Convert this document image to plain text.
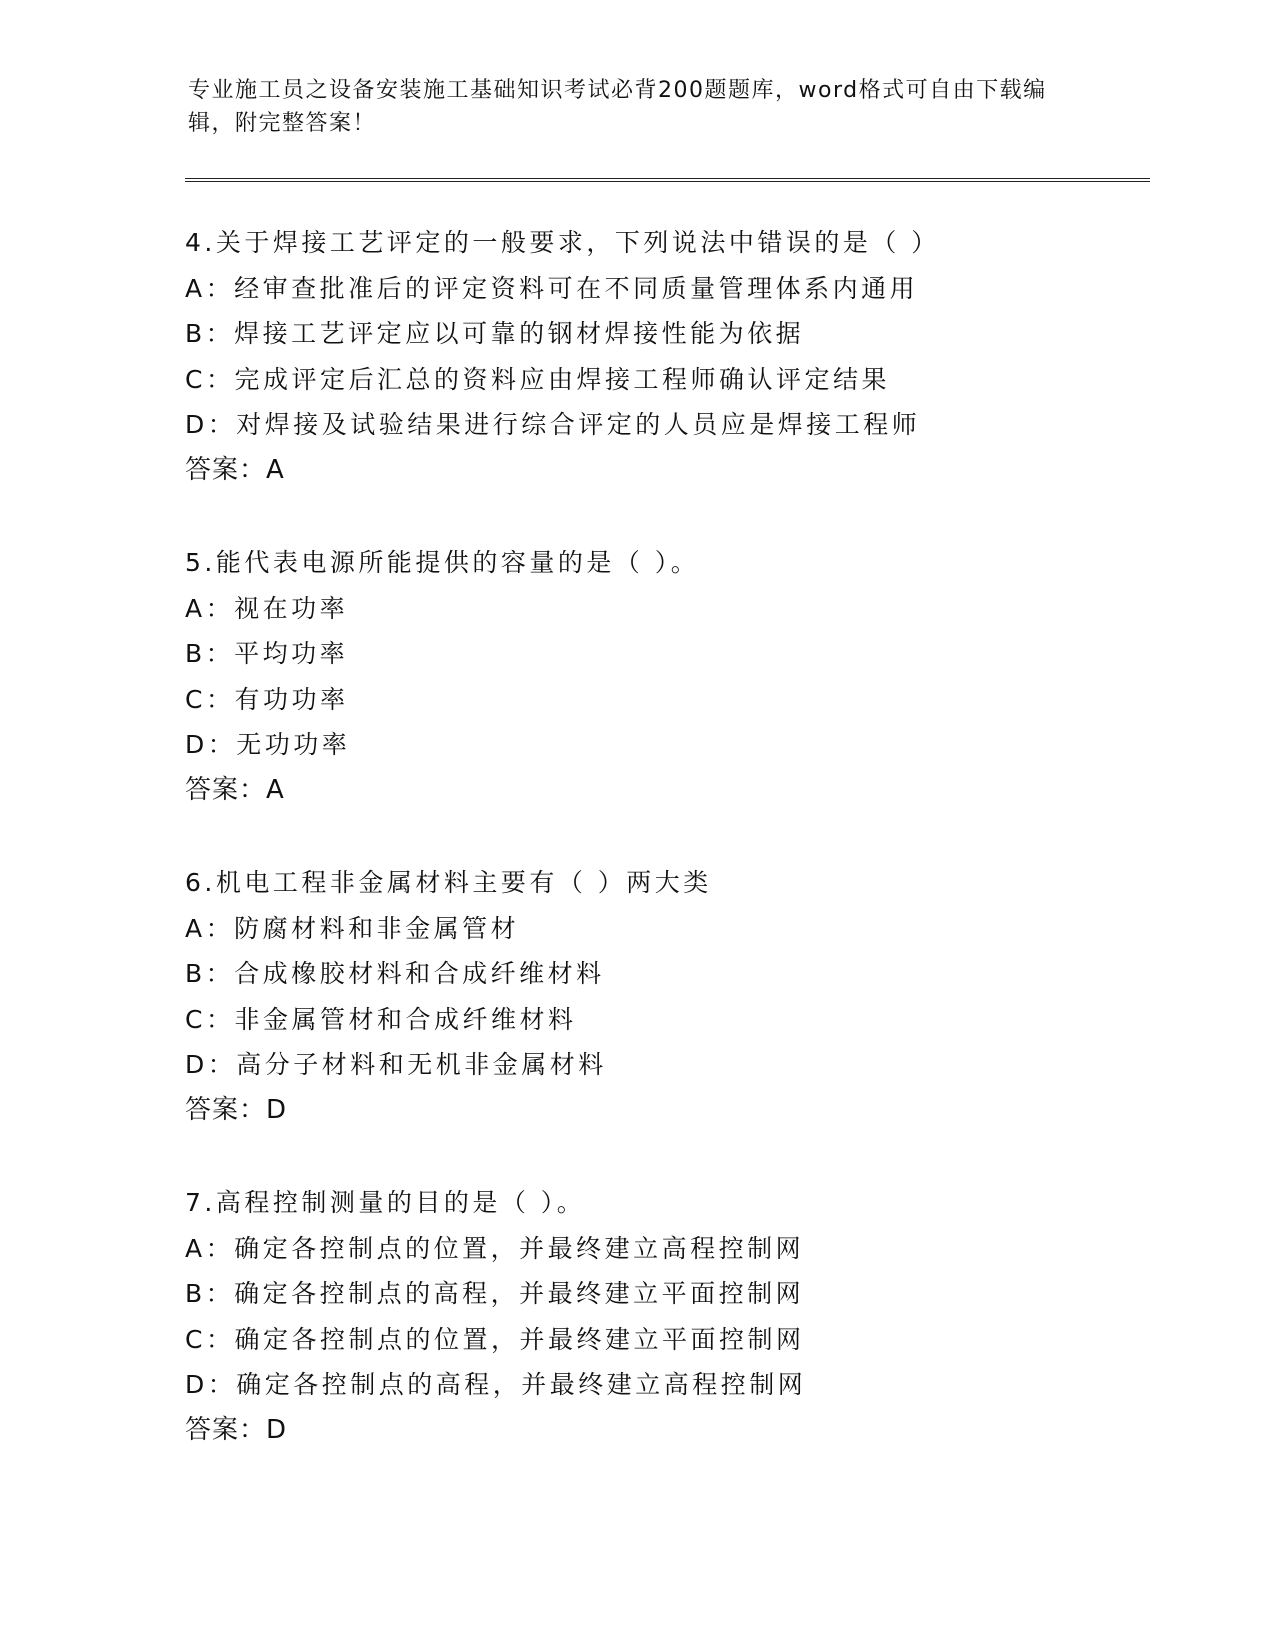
专业施工员之设备安装施工基础知识考试必背200题题库，word格式可自由下载编辑，附完整答案！
4.关于焊接工艺评定的一般要求，下列说法中错误的是（ ）
A：经审查批准后的评定资料可在不同质量管理体系内通用
B：焊接工艺评定应以可靠的钢材焊接性能为依据
C：完成评定后汇总的资料应由焊接工程师确认评定结果
D：对焊接及试验结果进行综合评定的人员应是焊接工程师
答案：A
5.能代表电源所能提供的容量的是（ ）。
A：视在功率
B：平均功率
C：有功功率
D：无功功率
答案：A
6.机电工程非金属材料主要有（ ）两大类
A：防腐材料和非金属管材
B：合成橡胶材料和合成纤维材料
C：非金属管材和合成纤维材料
D：高分子材料和无机非金属材料
答案：D
7.高程控制测量的目的是（ ）。
A：确定各控制点的位置，并最终建立高程控制网
B：确定各控制点的高程，并最终建立平面控制网
C：确定各控制点的位置，并最终建立平面控制网
D：确定各控制点的高程，并最终建立高程控制网
答案：D
